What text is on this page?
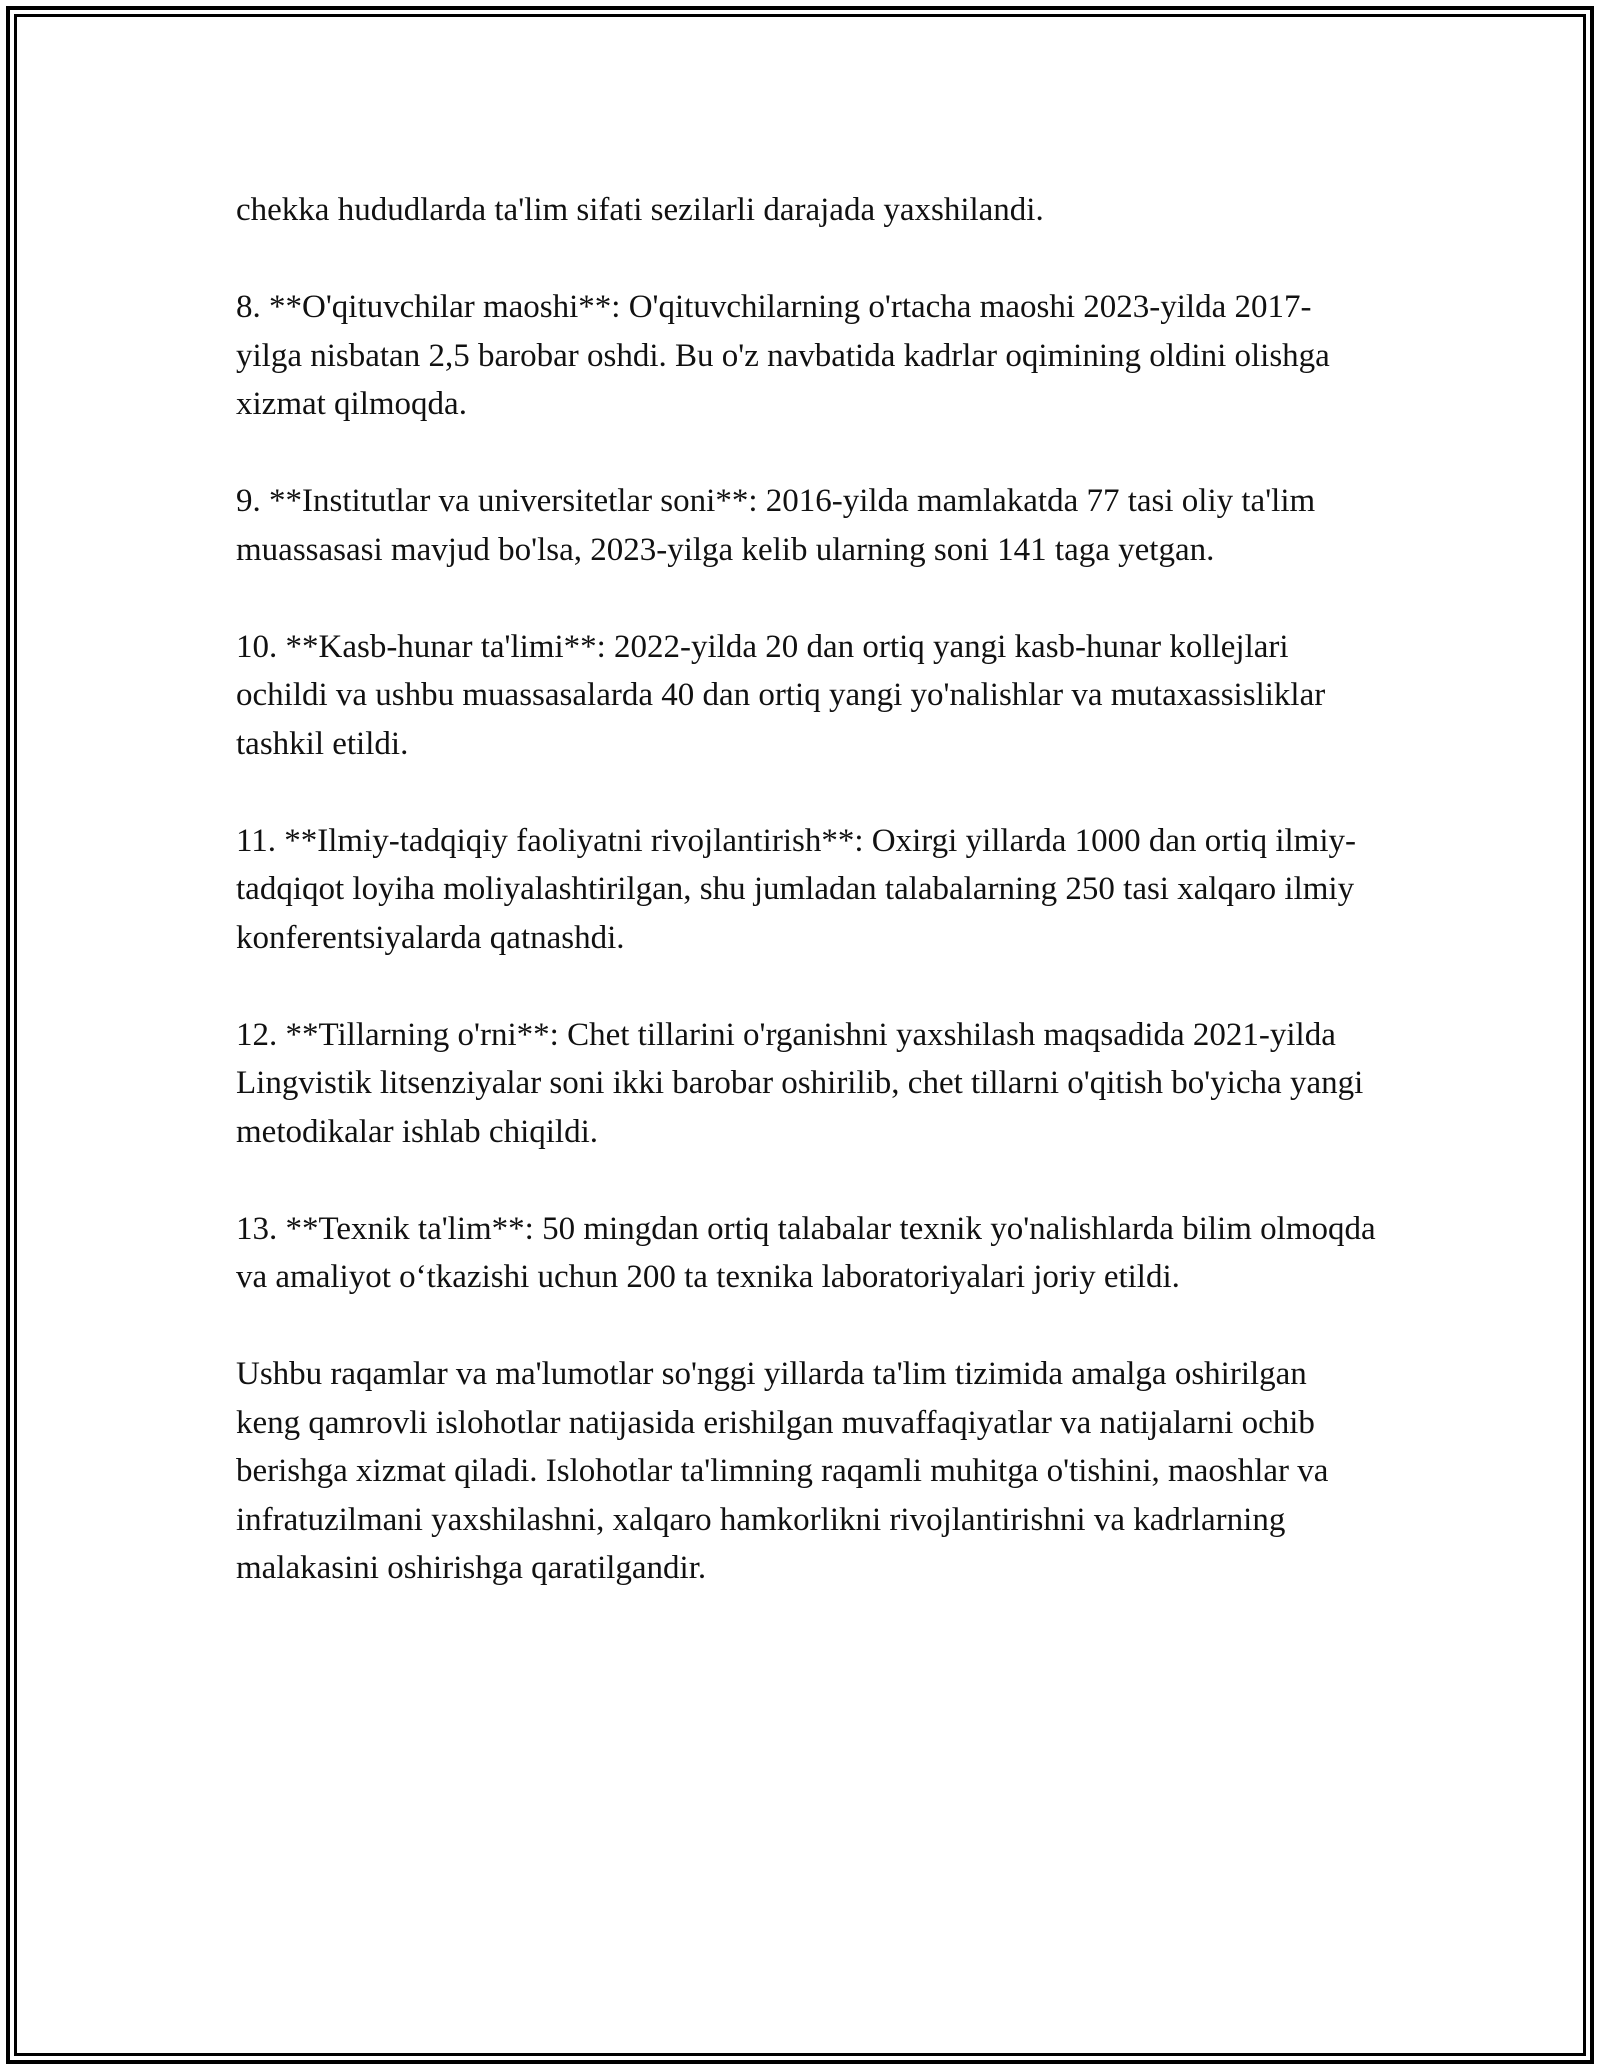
chekka hududlarda ta'lim sifati sezilarli darajada yaxshilandi.

8. **O'qituvchilar maoshi**: O'qituvchilarning o'rtacha maoshi 2023-yilda 2017-yilga nisbatan 2,5 barobar oshdi. Bu o'z navbatida kadrlar oqimining oldini olishga xizmat qilmoqda.

9. **Institutlar va universitetlar soni**: 2016-yilda mamlakatda 77 tasi oliy ta'lim muassasasi mavjud bo'lsa, 2023-yilga kelib ularning soni 141 taga yetgan.

10. **Kasb-hunar ta'limi**: 2022-yilda 20 dan ortiq yangi kasb-hunar kollejlari ochildi va ushbu muassasalarda 40 dan ortiq yangi yo'nalishlar va mutaxassisliklar tashkil etildi.

11. **Ilmiy-tadqiqiy faoliyatni rivojlantirish**: Oxirgi yillarda 1000 dan ortiq ilmiy-tadqiqot loyiha moliyalashtirilgan, shu jumladan talabalarning 250 tasi xalqaro ilmiy konferentsiyalarda qatnashdi.

12. **Tillarning o'rni**: Chet tillarini o'rganishni yaxshilash maqsadida 2021-yilda Lingvistik litsenziyalar soni ikki barobar oshirilib, chet tillarni o'qitish bo'yicha yangi metodikalar ishlab chiqildi.

13. **Texnik ta'lim**: 50 mingdan ortiq talabalar texnik yo'nalishlarda bilim olmoqda va amaliyot o‘tkazishi uchun 200 ta texnika laboratoriyalari joriy etildi.

Ushbu raqamlar va ma'lumotlar so'nggi yillarda ta'lim tizimida amalga oshirilgan keng qamrovli islohotlar natijasida erishilgan muvaffaqiyatlar va natijalarni ochib berishga xizmat qiladi. Islohotlar ta'limning raqamli muhitga o'tishini, maoshlar va infratuzilmani yaxshilashni, xalqaro hamkorlikni rivojlantirishni va kadrlarning malakasini oshirishga qaratilgandir.
